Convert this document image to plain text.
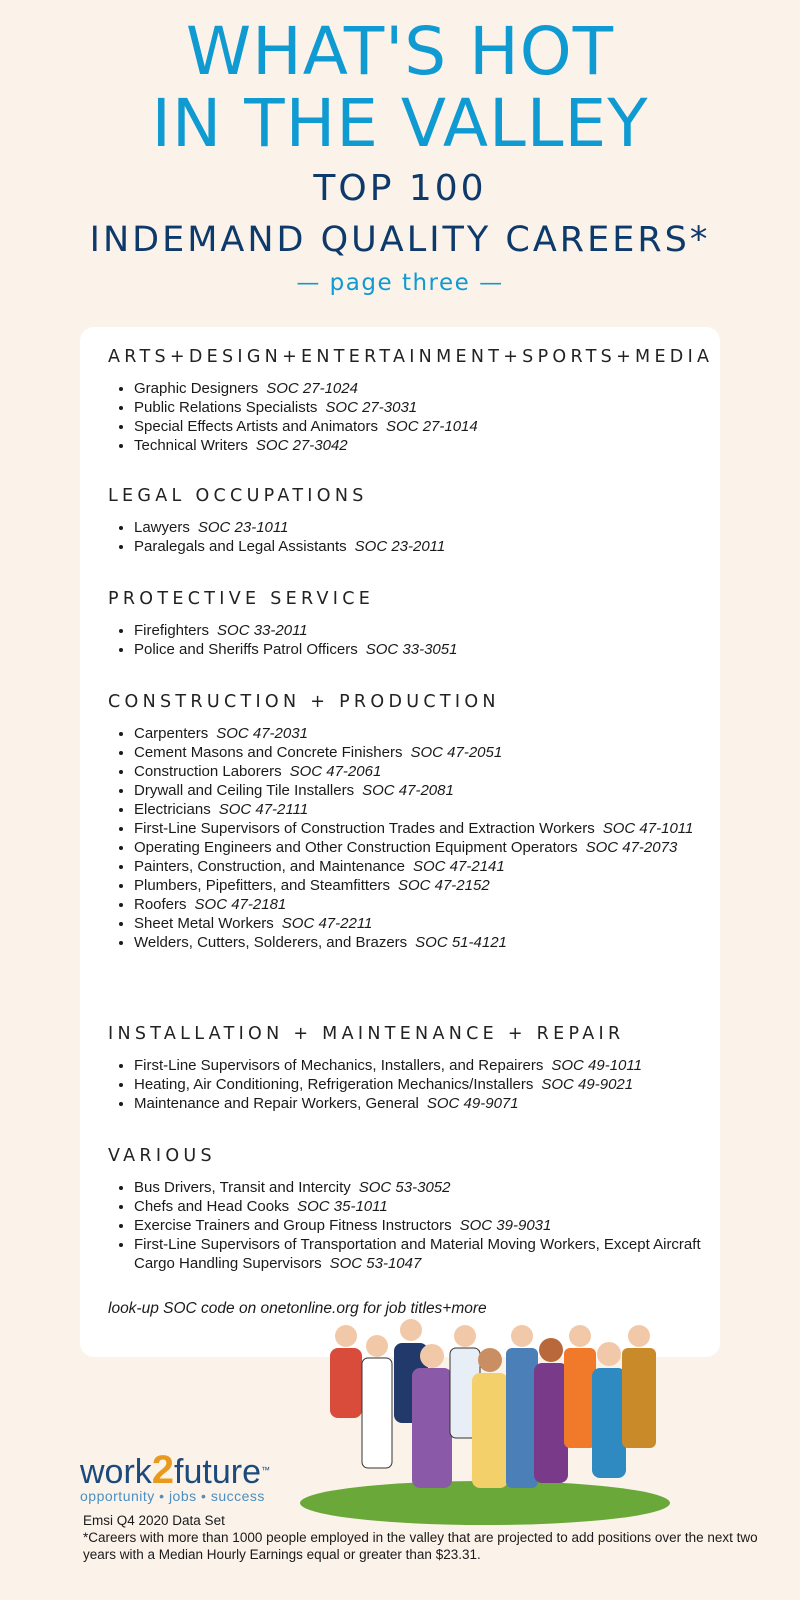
WHAT'S HOT
IN THE VALLEY
TOP 100
INDEMAND QUALITY CAREERS*
— page three —
ARTS+DESIGN+ENTERTAINMENT+SPORTS+MEDIA
• Graphic Designers SOC 27-1024
• Public Relations Specialists SOC 27-3031
• Special Effects Artists and Animators SOC 27-1014
• Technical Writers SOC 27-3042
LEGAL OCCUPATIONS
• Lawyers SOC 23-1011
• Paralegals and Legal Assistants SOC 23-2011
PROTECTIVE SERVICE
• Firefighters SOC 33-2011
• Police and Sheriffs Patrol Officers SOC 33-3051
CONSTRUCTION + PRODUCTION
• Carpenters SOC 47-2031
• Cement Masons and Concrete Finishers SOC 47-2051
• Construction Laborers SOC 47-2061
• Drywall and Ceiling Tile Installers SOC 47-2081
• Electricians SOC 47-2111
• First-Line Supervisors of Construction Trades and Extraction Workers SOC 47-1011
• Operating Engineers and Other Construction Equipment Operators SOC 47-2073
• Painters, Construction, and Maintenance SOC 47-2141
• Plumbers, Pipefitters, and Steamfitters SOC 47-2152
• Roofers SOC 47-2181
• Sheet Metal Workers SOC 47-2211
• Welders, Cutters, Solderers, and Brazers SOC 51-4121
INSTALLATION + MAINTENANCE + REPAIR
• First-Line Supervisors of Mechanics, Installers, and Repairers SOC 49-1011
• Heating, Air Conditioning, Refrigeration Mechanics/Installers SOC 49-9021
• Maintenance and Repair Workers, General SOC 49-9071
VARIOUS
• Bus Drivers, Transit and Intercity SOC 53-3052
• Chefs and Head Cooks SOC 35-1011
• Exercise Trainers and Group Fitness Instructors SOC 39-9031
• First-Line Supervisors of Transportation and Material Moving Workers, Except Aircraft Cargo Handling Supervisors SOC 53-1047
look-up SOC code on onetonline.org for job titles+more
work2future™
opportunity • jobs • success
Emsi Q4 2020 Data Set
*Careers with more than 1000 people employed in the valley that are projected to add positions over the next two years with a Median Hourly Earnings equal or greater than $23.31.
